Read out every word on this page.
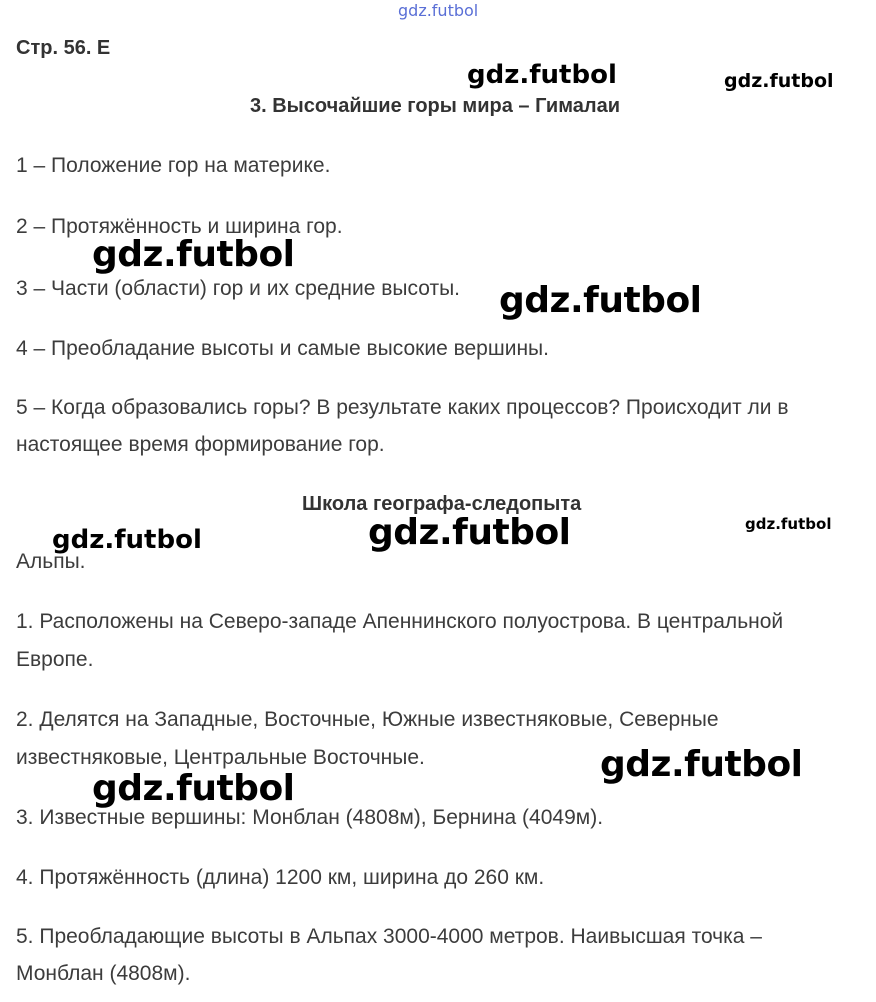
gdz.futbol
Стр. 56. Е
3. Высочайшие горы мира – Гималаи
1 – Положение гор на материке.
2 – Протяжённость и ширина гор.
3 – Части (области) гор и их средние высоты.
4 – Преобладание высоты и самые высокие вершины.
5 – Когда образовались горы? В результате каких процессов? Происходит ли в
настоящее время формирование гор.
Школа географа-следопыта
Альпы.
1. Расположены на Северо-западе Апеннинского полуострова. В центральной
Европе.
2. Делятся на Западные, Восточные, Южные известняковые, Северные
известняковые, Центральные Восточные.
3. Известные вершины: Монблан (4808м), Бернина (4049м).
4. Протяжённость (длина) 1200 км, ширина до 260 км.
5. Преобладающие высоты в Альпах 3000-4000 метров. Наивысшая точка –
Монблан (4808м).
gdz.futbol	gdz.futbol
gdz.futbol
gdz.futbol
gdz.futbol
gdz.futbol	gdz.futbol
gdz.futbol
gdz.futbol
